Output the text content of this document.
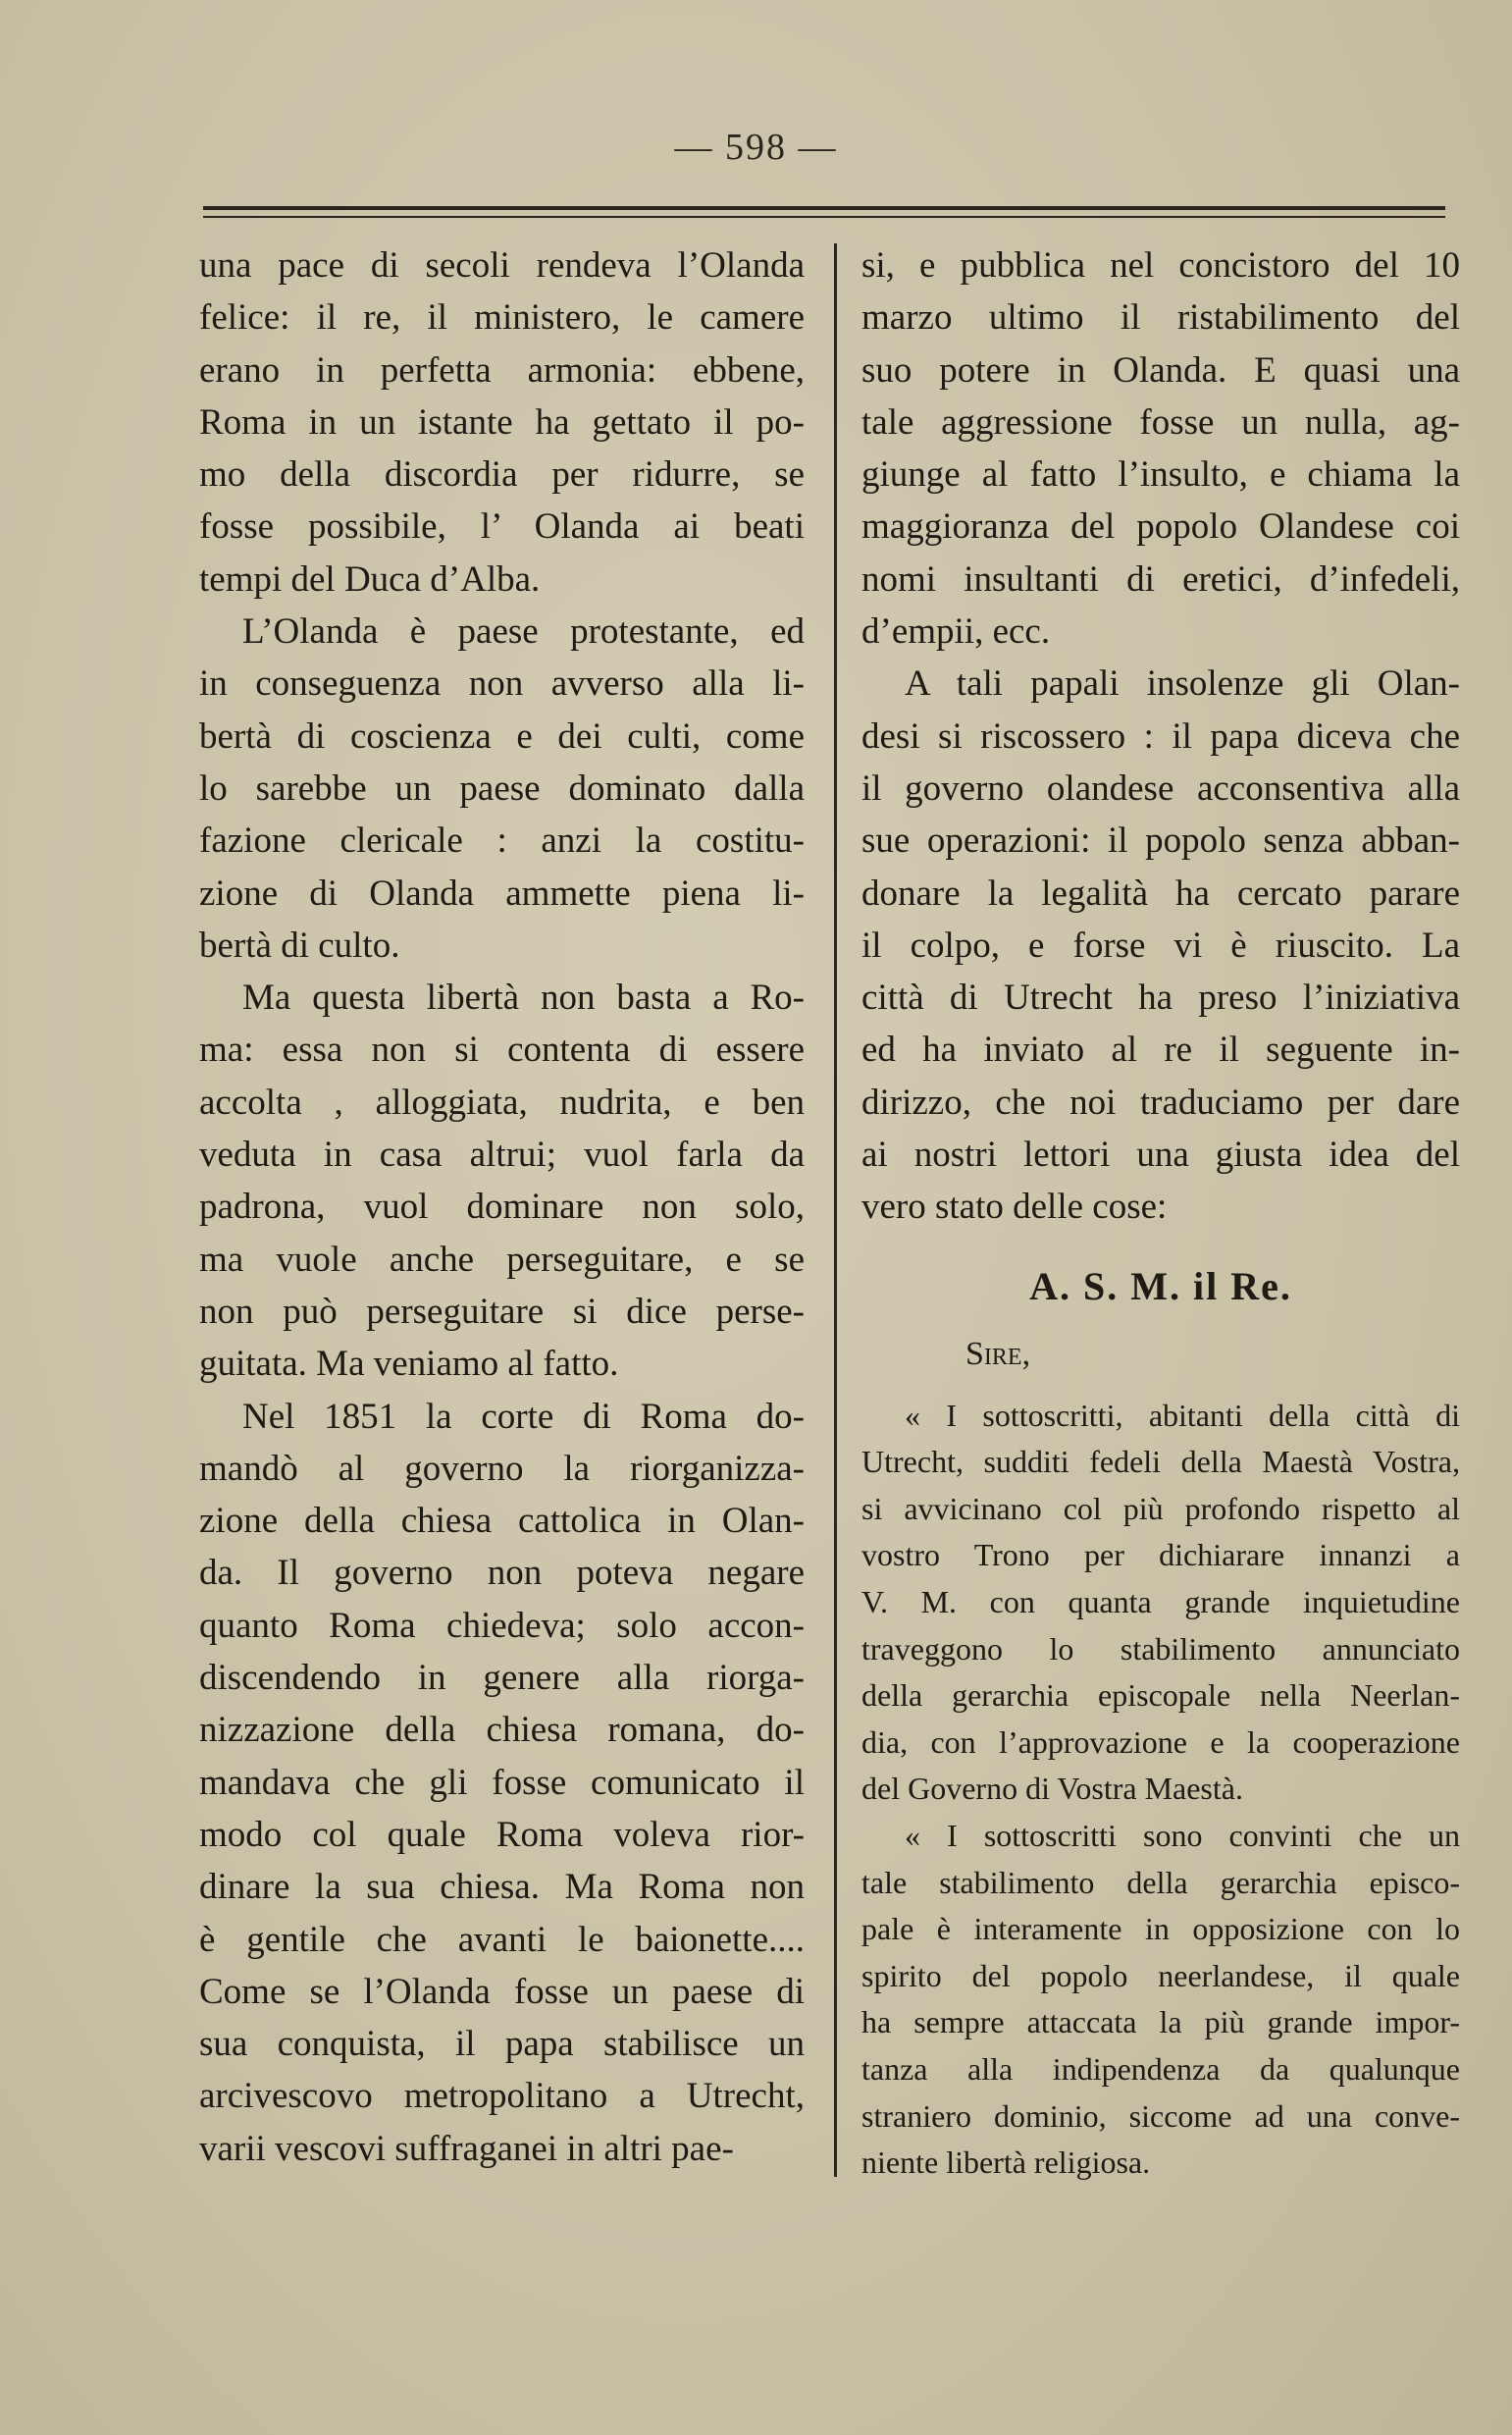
— 598 —

una pace di secoli rendeva l’Olanda
felice: il re, il ministero, le camere
erano in perfetta armonia: ebbene,
Roma in un istante ha gettato il po-
mo della discordia per ridurre, se
fosse possibile, l’ Olanda ai beati
tempi del Duca d’Alba.

L’Olanda è paese protestante, ed
in conseguenza non avverso alla li-
bertà di coscienza e dei culti, come
lo sarebbe un paese dominato dalla
fazione clericale : anzi la costitu-
zione di Olanda ammette piena li-
bertà di culto.

Ma questa libertà non basta a Ro-
ma: essa non si contenta di essere
accolta , alloggiata, nudrita, e ben
veduta in casa altrui; vuol farla da
padrona, vuol dominare non solo,
ma vuole anche perseguitare, e se
non può perseguitare si dice perse-
guitata. Ma veniamo al fatto.

Nel 1851 la corte di Roma do-
mandò al governo la riorganizza-
zione della chiesa cattolica in Olan-
da. Il governo non poteva negare
quanto Roma chiedeva; solo accon-
discendendo in genere alla riorga-
nizzazione della chiesa romana, do-
mandava che gli fosse comunicato il
modo col quale Roma voleva rior-
dinare la sua chiesa. Ma Roma non
è gentile che avanti le baionette....
Come se l’Olanda fosse un paese di
sua conquista, il papa stabilisce un
arcivescovo metropolitano a Utrecht,
varii vescovi suffraganei in altri pae-

si, e pubblica nel concistoro del 10
marzo ultimo il ristabilimento del
suo potere in Olanda. E quasi una
tale aggressione fosse un nulla, ag-
giunge al fatto l’insulto, e chiama la
maggioranza del popolo Olandese coi
nomi insultanti di eretici, d’infedeli,
d’empii, ecc.

A tali papali insolenze gli Olan-
desi si riscossero : il papa diceva che
il governo olandese acconsentiva alla
sue operazioni: il popolo senza abban-
donare la legalità ha cercato parare
il colpo, e forse vi è riuscito. La
città di Utrecht ha preso l’iniziativa
ed ha inviato al re il seguente in-
dirizzo, che noi traduciamo per dare
ai nostri lettori una giusta idea del
vero stato delle cose:

A. S. M. il Re.
Sire,

« I sottoscritti, abitanti della città di
Utrecht, sudditi fedeli della Maestà Vostra,
si avvicinano col più profondo rispetto al
vostro Trono per dichiarare innanzi a
V. M. con quanta grande inquietudine
traveggono lo stabilimento annunciato
della gerarchia episcopale nella Neerlan-
dia, con l’approvazione e la cooperazione
del Governo di Vostra Maestà.

« I sottoscritti sono convinti che un
tale stabilimento della gerarchia episco-
pale è interamente in opposizione con lo
spirito del popolo neerlandese, il quale
ha sempre attaccata la più grande impor-
tanza alla indipendenza da qualunque
straniero dominio, siccome ad una conve-
niente libertà religiosa.
